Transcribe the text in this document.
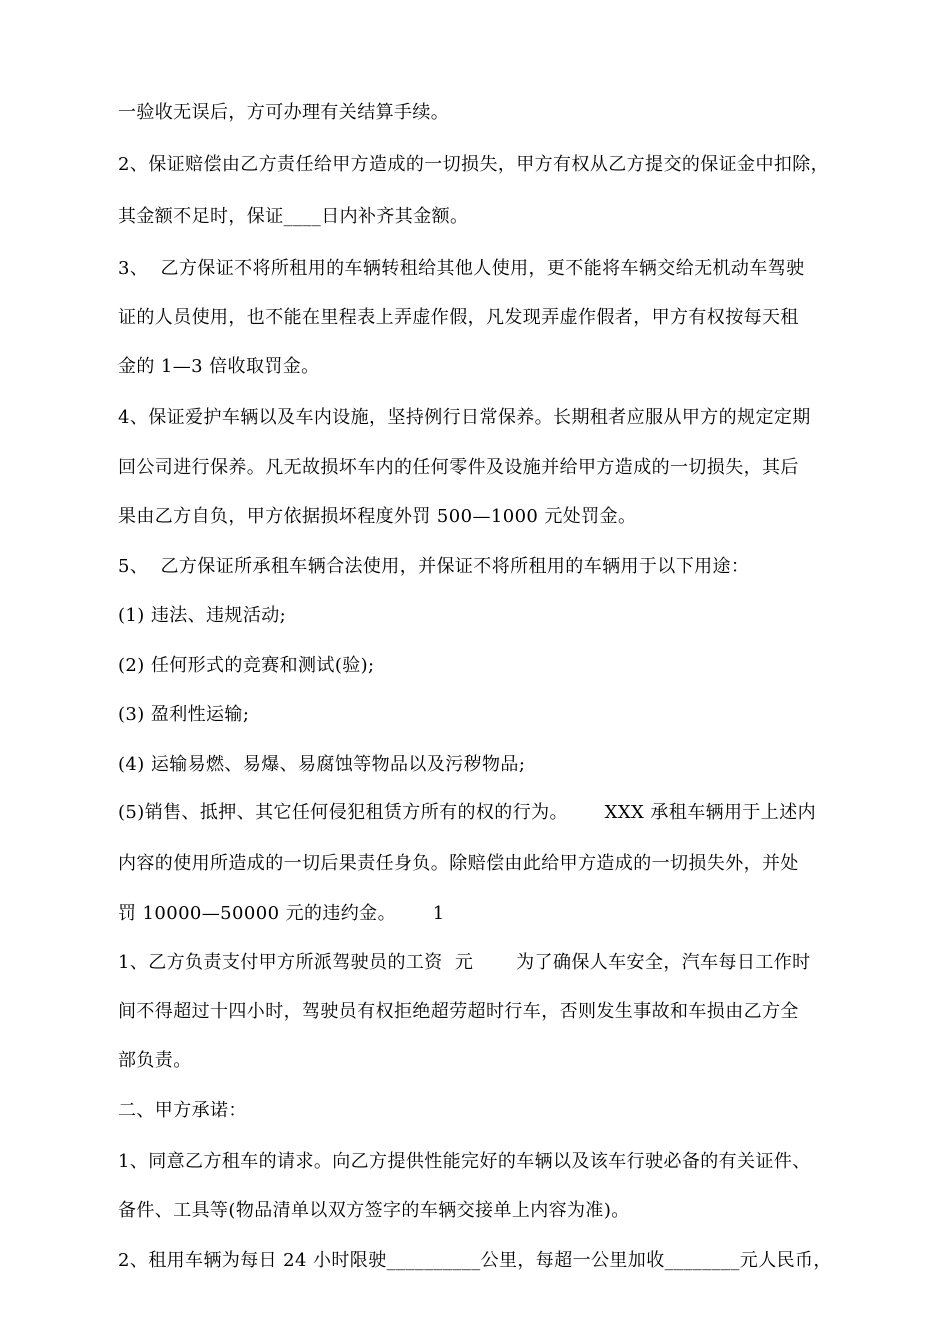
一验收无误后，方可办理有关结算手续。
2、保证赔偿由乙方责任给甲方造成的一切损失，甲方有权从乙方提交的保证金中扣除，
其金额不足时，保证____日内补齐其金额。
3、  乙方保证不将所租用的车辆转租给其他人使用，更不能将车辆交给无机动车驾驶
证的人员使用，也不能在里程表上弄虚作假，凡发现弄虚作假者，甲方有权按每天租
金的 1—3 倍收取罚金。
4、保证爱护车辆以及车内设施，坚持例行日常保养。长期租者应服从甲方的规定定期
回公司进行保养。凡无故损坏车内的任何零件及设施并给甲方造成的一切损失，其后
果由乙方自负，甲方依据损坏程度外罚 500—1000 元处罚金。
5、  乙方保证所承租车辆合法使用，并保证不将所租用的车辆用于以下用途：
(1) 违法、违规活动;
(2) 任何形式的竞赛和测试(验);
(3) 盈利性运输;
(4) 运输易燃、易爆、易腐蚀等物品以及污秽物品;
(5)销售、抵押、其它任何侵犯租赁方所有的权的行为。      XXX 承租车辆用于上述内
内容的使用所造成的一切后果责任身负。除赔偿由此给甲方造成的一切损失外，并处
罚 10000—50000 元的违约金。      1
1、乙方负责支付甲方所派驾驶员的工资  元       为了确保人车安全，汽车每日工作时
间不得超过十四小时，驾驶员有权拒绝超劳超时行车，否则发生事故和车损由乙方全
部负责。
二、甲方承诺：
1、同意乙方租车的请求。向乙方提供性能完好的车辆以及该车行驶必备的有关证件、
备件、工具等(物品清单以双方签字的车辆交接单上内容为准)。
2、租用车辆为每日 24 小时限驶__________公里，每超一公里加收________元人民币，
